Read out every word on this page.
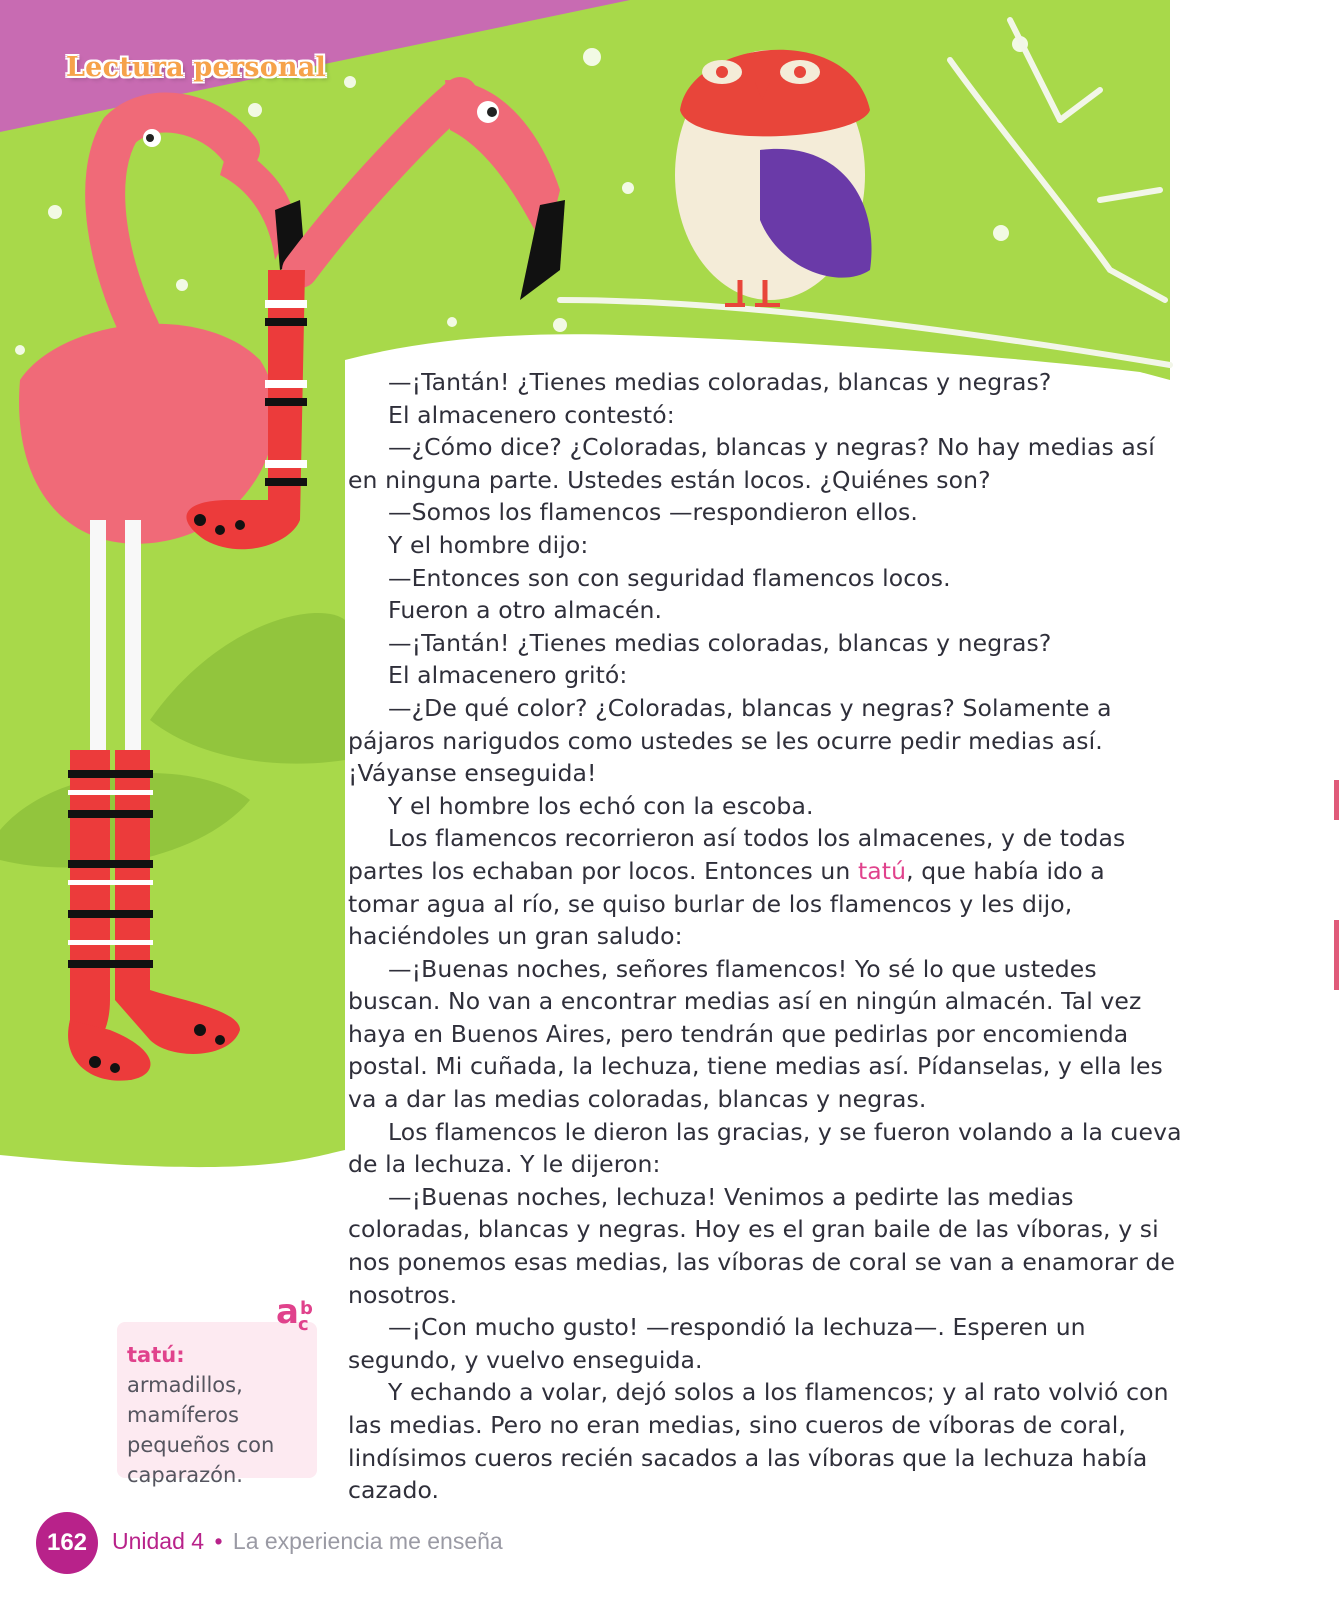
Lectura personal

—¡Tantán! ¿Tienes medias coloradas, blancas y negras?

El almacenero contestó:

—¿Cómo dice? ¿Coloradas, blancas y negras? No hay medias así en ninguna parte. Ustedes están locos. ¿Quiénes son?

—Somos los flamencos —respondieron ellos.

Y el hombre dijo:

—Entonces son con seguridad flamencos locos.

Fueron a otro almacén.

—¡Tantán! ¿Tienes medias coloradas, blancas y negras?

El almacenero gritó:

—¿De qué color? ¿Coloradas, blancas y negras? Solamente a pájaros narigudos como ustedes se les ocurre pedir medias así.

¡Váyanse enseguida!

Y el hombre los echó con la escoba.

Los flamencos recorrieron así todos los almacenes, y de todas partes los echaban por locos. Entonces un tatú, que había ido a tomar agua al río, se quiso burlar de los flamencos y les dijo, haciéndoles un gran saludo:

—¡Buenas noches, señores flamencos! Yo sé lo que ustedes buscan. No van a encontrar medias así en ningún almacén. Tal vez haya en Buenos Aires, pero tendrán que pedirlas por encomienda postal. Mi cuñada, la lechuza, tiene medias así. Pídanselas, y ella les va a dar las medias coloradas, blancas y negras.

Los flamencos le dieron las gracias, y se fueron volando a la cueva de la lechuza. Y le dijeron:

—¡Buenas noches, lechuza! Venimos a pedirte las medias coloradas, blancas y negras. Hoy es el gran baile de las víboras, y si nos ponemos esas medias, las víboras de coral se van a enamorar de nosotros.

—¡Con mucho gusto! —respondió la lechuza—. Esperen un segundo, y vuelvo enseguida.

Y echando a volar, dejó solos a los flamencos; y al rato volvió con las medias. Pero no eran medias, sino cueros de víboras de coral, lindísimos cueros recién sacados a las víboras que la lechuza había cazado.

tatú: armadillos, mamíferos pequeños con caparazón.
a b
c
162	Unidad 4 • La experiencia me enseña
